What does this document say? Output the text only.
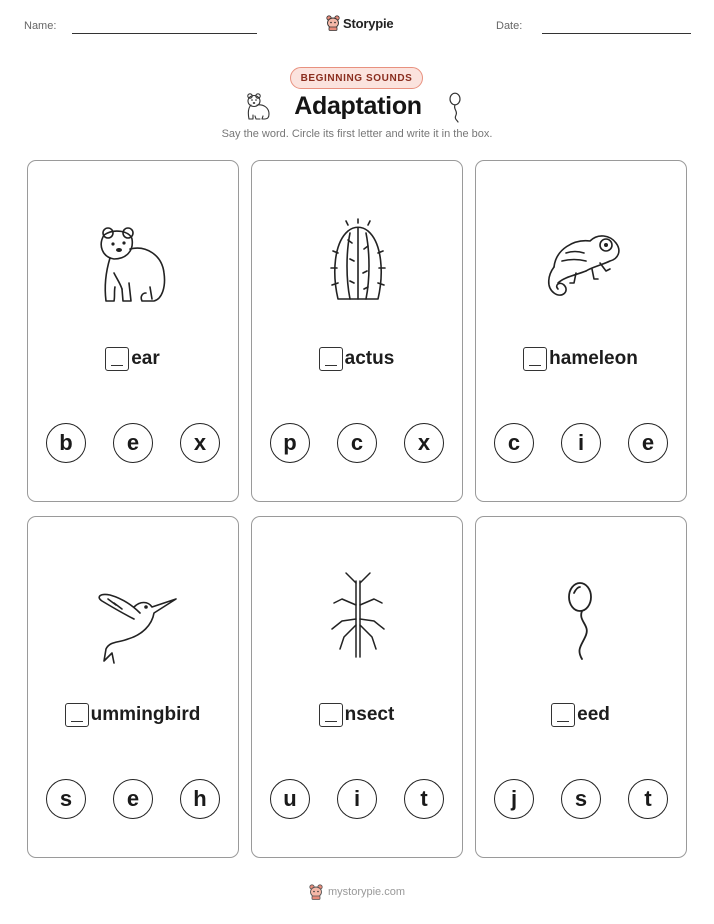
Name:	Storypie	Date:
BEGINNING SOUNDS
Adaptation
Say the word. Circle its first letter and write it in the box.
ear
b	e	x
actus
p	c	x
hameleon
c	i	e
ummingbird
s	e	h
nsect
u	i	t
eed
j	s	t
mystorypie.com
